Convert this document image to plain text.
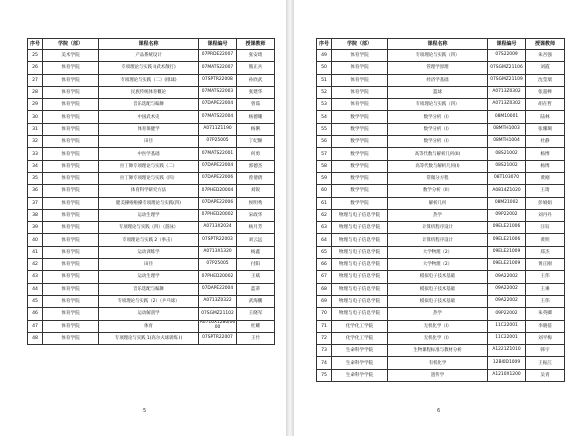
序号	学院（部）	课程名称	课程编号	授课教师
25	美术学院	产品系统设计	07PRDE22007	张安琦
26	体育学院	专项理论与实践 I(武术散打)	07MATS22007	熊正兵
27	体育学院	专项理论与实践（二）(排球)	07SPTR22008	孙欣武
28	体育学院	民族传统体育概论	07MATS22003	张建华
29	体育学院	音乐选配与编舞	07DAPE22004	曾茹
30	体育学院	中国武术史	07MATS22004	杨德珊
31	体育学院	体育保健学	A0711Z1190	杨俐
32	体育学院	田径	07P25005	丁纪顺
33	体育学院	中医学基础	07MATS22001	何勇
34	体育学院	拉丁舞专项理论与实践（二）	07DAPE22004	郭德杰
35	体育学院	拉丁舞专项理论与实践（四）	07DAPE22006	曾倩倩
36	体育学院	体育科学研究方法	07PHED20004	刘锐
37	体育学院	健美操啦啦操专项理论与实践(四)	07DAPE22006	侯明秀
38	体育学院	运动生理学	07PHED20002	宋政华
39	体育学院	专项理论与实践（四）（游泳）	A0713X2024	杨月芳
40	体育学院	专项理论与实践 2（拳击）	07SPTR22003	刘云远
41	体育学院	运动训练学	A0713X1320	杨鑫
42	体育学院	田径	07P25005	付阳
43	体育学院	运动生理学	07PHED20002	王斌
44	体育学院	音乐选配与编舞	07DAPE22004	蓝蒂
45	体育学院	专项理论与实践（2）（乒乓球）	A0713Z0322	武海鹏
46	体育学院	运动解剖学	07SGMZ21102	王晓军
47	体育学院	体育	A0716X1280/0600	杜耀
48	体育学院	专项理论与实践 1(高尔夫球训练 I)	07SPTR22007	王竹
5
序号	学院（部）	课程名称	课程编号	授课教师
49	体育学院	专项理论与实践（四）	07S22009	朱吾强
50	体育学院	管理学原理	07SGMZ21106	刘霞
51	体育学院	经济学基础	07SGMZ21109	沈莹瑞
52	体育学院	篮球	A0713Z0302	张超棒
53	体育学院	专项理论与实践（四）	A0713Z0302	胡在哲
54	数学学院	数学分析（I）	08M10001	陆林
55	数学学院	数学分析（I）	08MTH1003	张珊瑚
56	数学学院	数学分析（I）	08MTH1004	杜静
57	数学学院	高等代数与解析几何(II)	08S21002	杨博
58	数学学院	高等代数与解析几何(I)	08S21002	杨博
59	数学学院	常微分方程	08T103070	黄刚
60	数学学院	数学分析（II）	A0814Z1020	王琦
61	数学学院	解析几何	08M21002	彭娟娟
62	物理与电子信息学院	热学	09P22002	刘丹丹
63	物理与电子信息学院	计算机程序设计	09ELE21006	汪钰
64	物理与电子信息学院	计算机程序设计	09ELE21006	黄明
65	物理与电子信息学院	大学物理（2）	09ELE21009	郑杰
66	物理与电子信息学院	大学物理（2）	09ELE21009	黄正刚
67	物理与电子信息学院	模拟电子技术基础	09A22002	王伟
68	物理与电子信息学院	模拟电子技术基础	09A22002	王乘
69	物理与电子信息学院	模拟电子技术基础	09A22002	王伟
70	物理与电子信息学院	热学	09P22002	朱英卿
71	化学化工学院	无机化学（I）	11C22001	李晓蓓
72	化学化工学院	无机化学（I）	11C22001	刘平梅
73	生命科学学院	生物课程标准与教材分析	A1221Z1010	韩宇
74	生命科学学院	有机化学	12BI0D1009	王振江
75	生命科学学院	遗传学	A1210X1200	吴青
6
